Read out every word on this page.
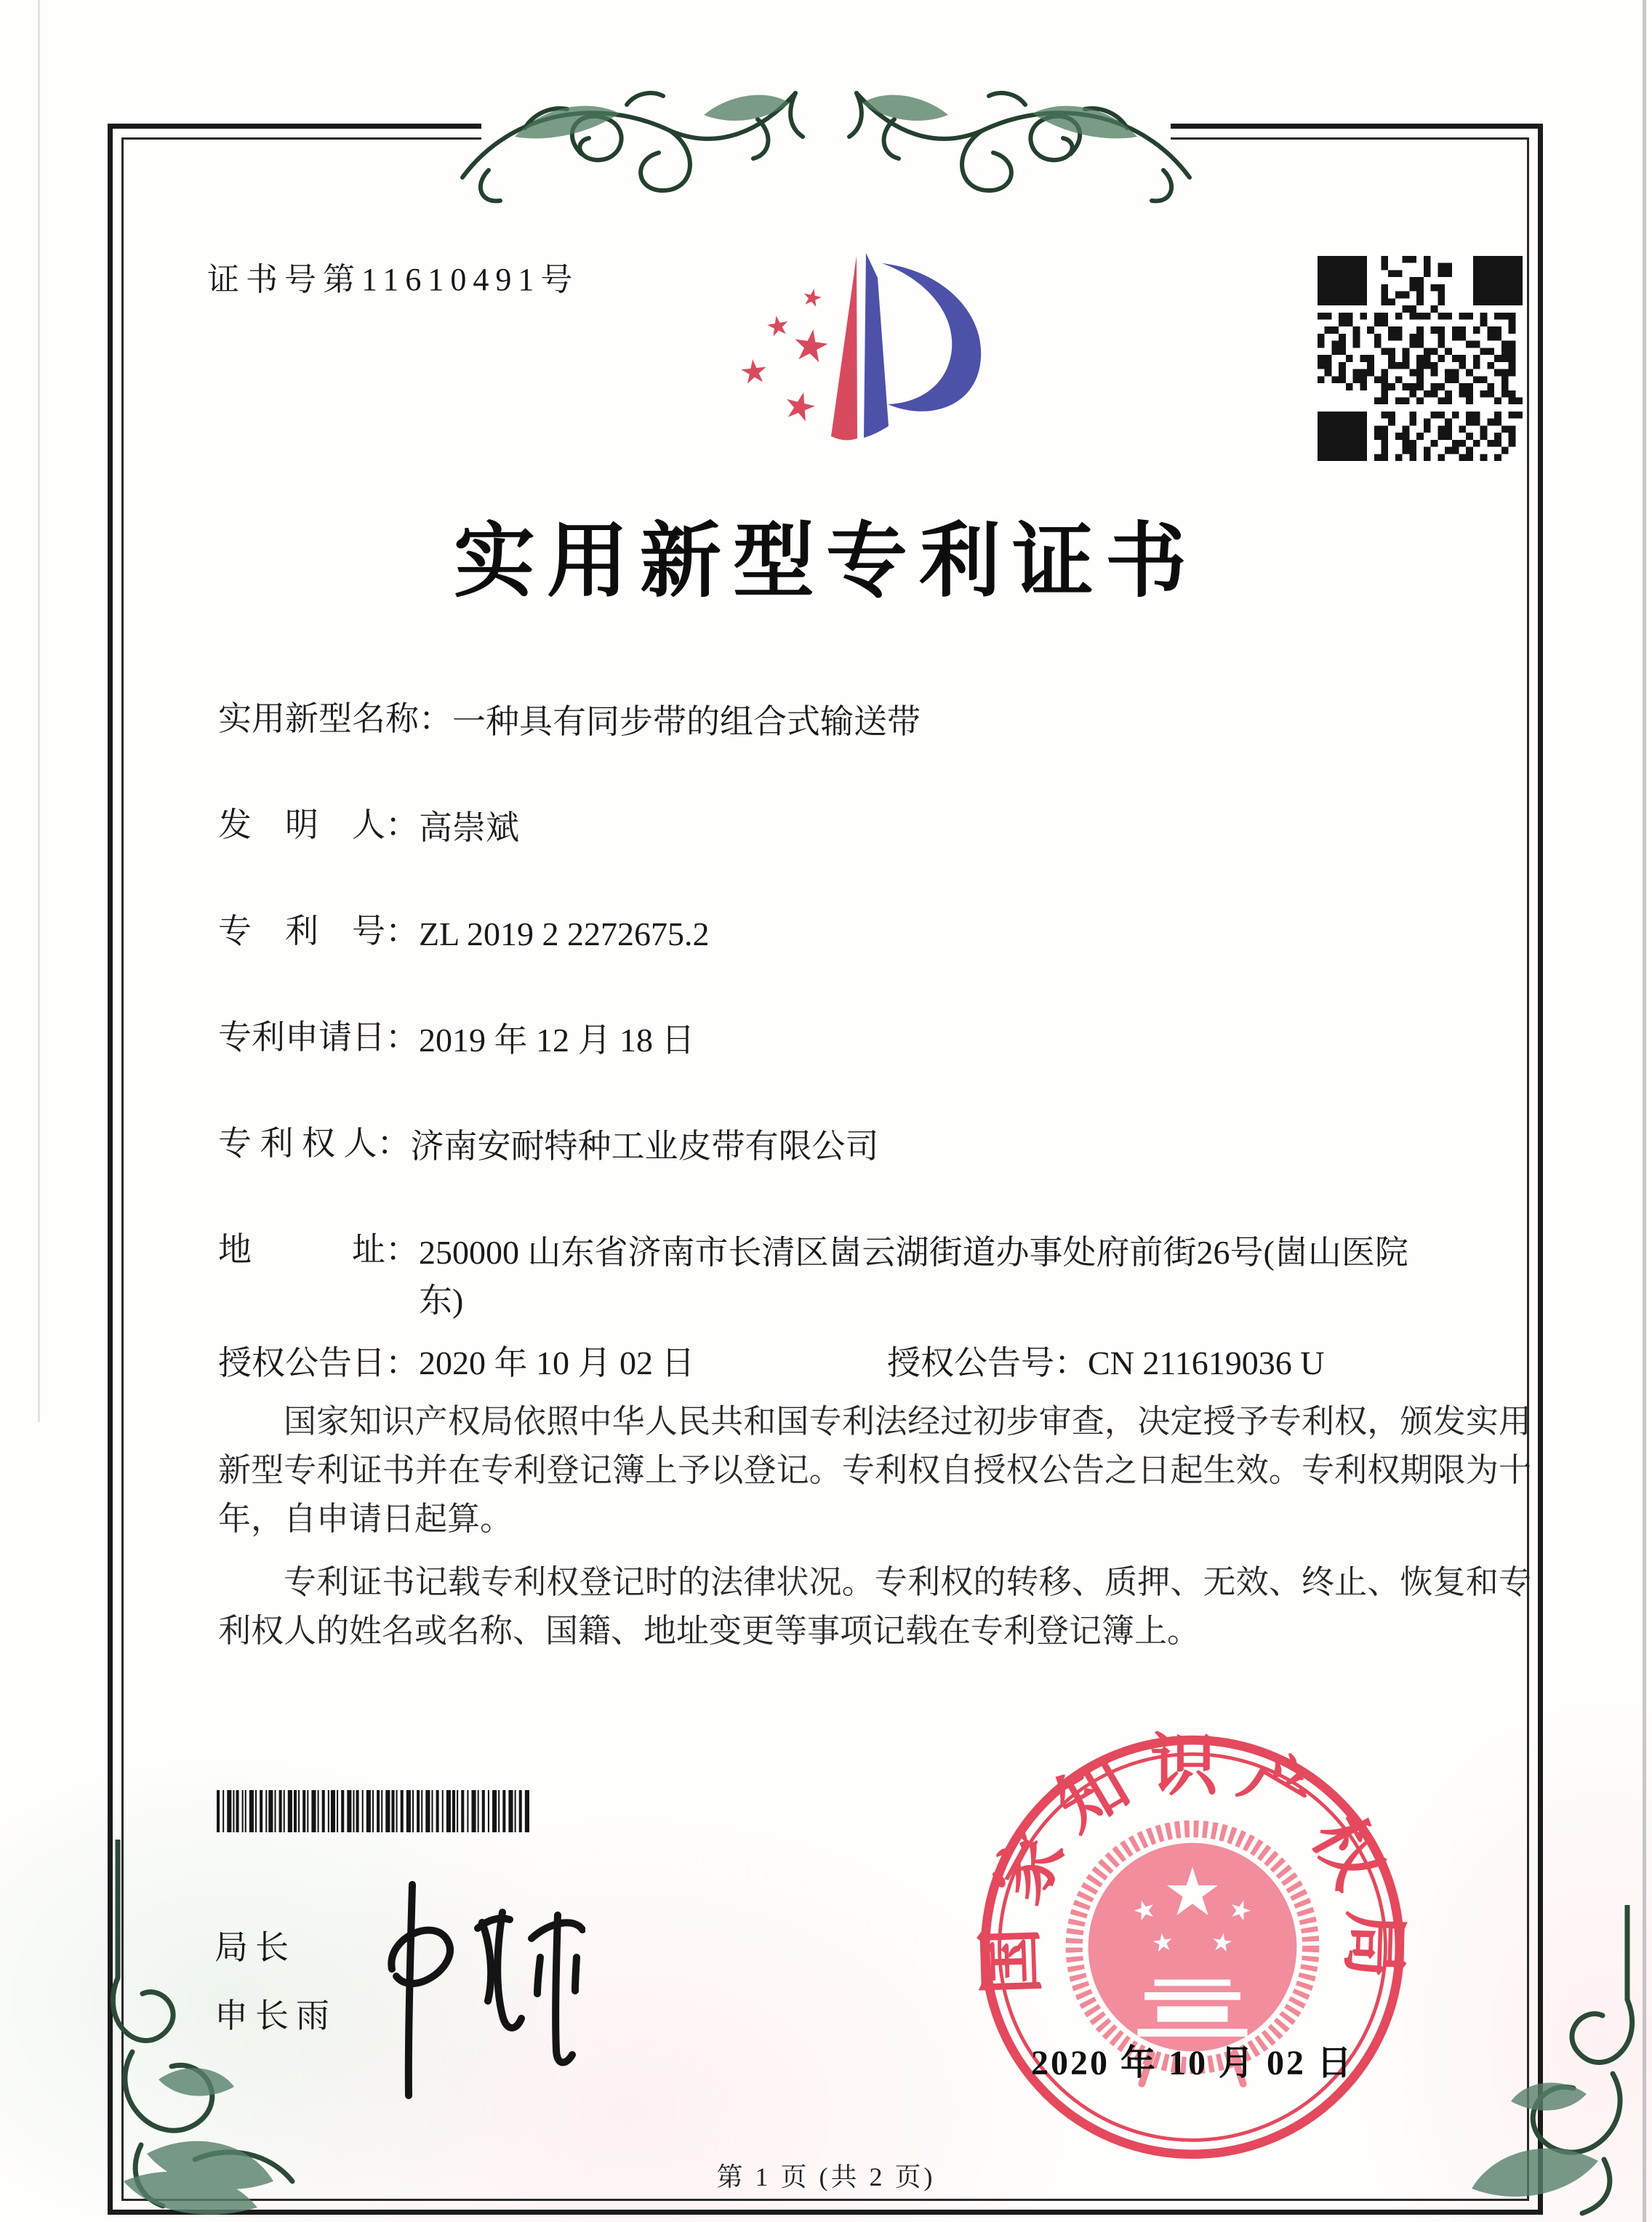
证书号第11610491号
实用新型专利证书
实用新型名称： 一种具有同步带的组合式输送带
发　明　人： 高崇斌
专　利　号： ZL 2019 2 2272675.2
专利申请日： 2019 年 12 月 18 日
专 利 权 人： 济南安耐特种工业皮带有限公司
地　　　址： 250000 山东省济南市长清区崮云湖街道办事处府前街26号(崮山医院东)
授权公告日： 2020 年 10 月 02 日	授权公告号： CN 211619036 U

国家知识产权局依照中华人民共和国专利法经过初步审查，决定授予专利权，颁发实用新型专利证书并在专利登记簿上予以登记。专利权自授权公告之日起生效。专利权期限为十年，自申请日起算。

专利证书记载专利权登记时的法律状况。专利权的转移、质押、无效、终止、恢复和专利权人的姓名或名称、国籍、地址变更等事项记载在专利登记簿上。

局长
申长雨
国家知识产权局
2020 年 10 月 02 日
第 1 页 (共 2 页)
